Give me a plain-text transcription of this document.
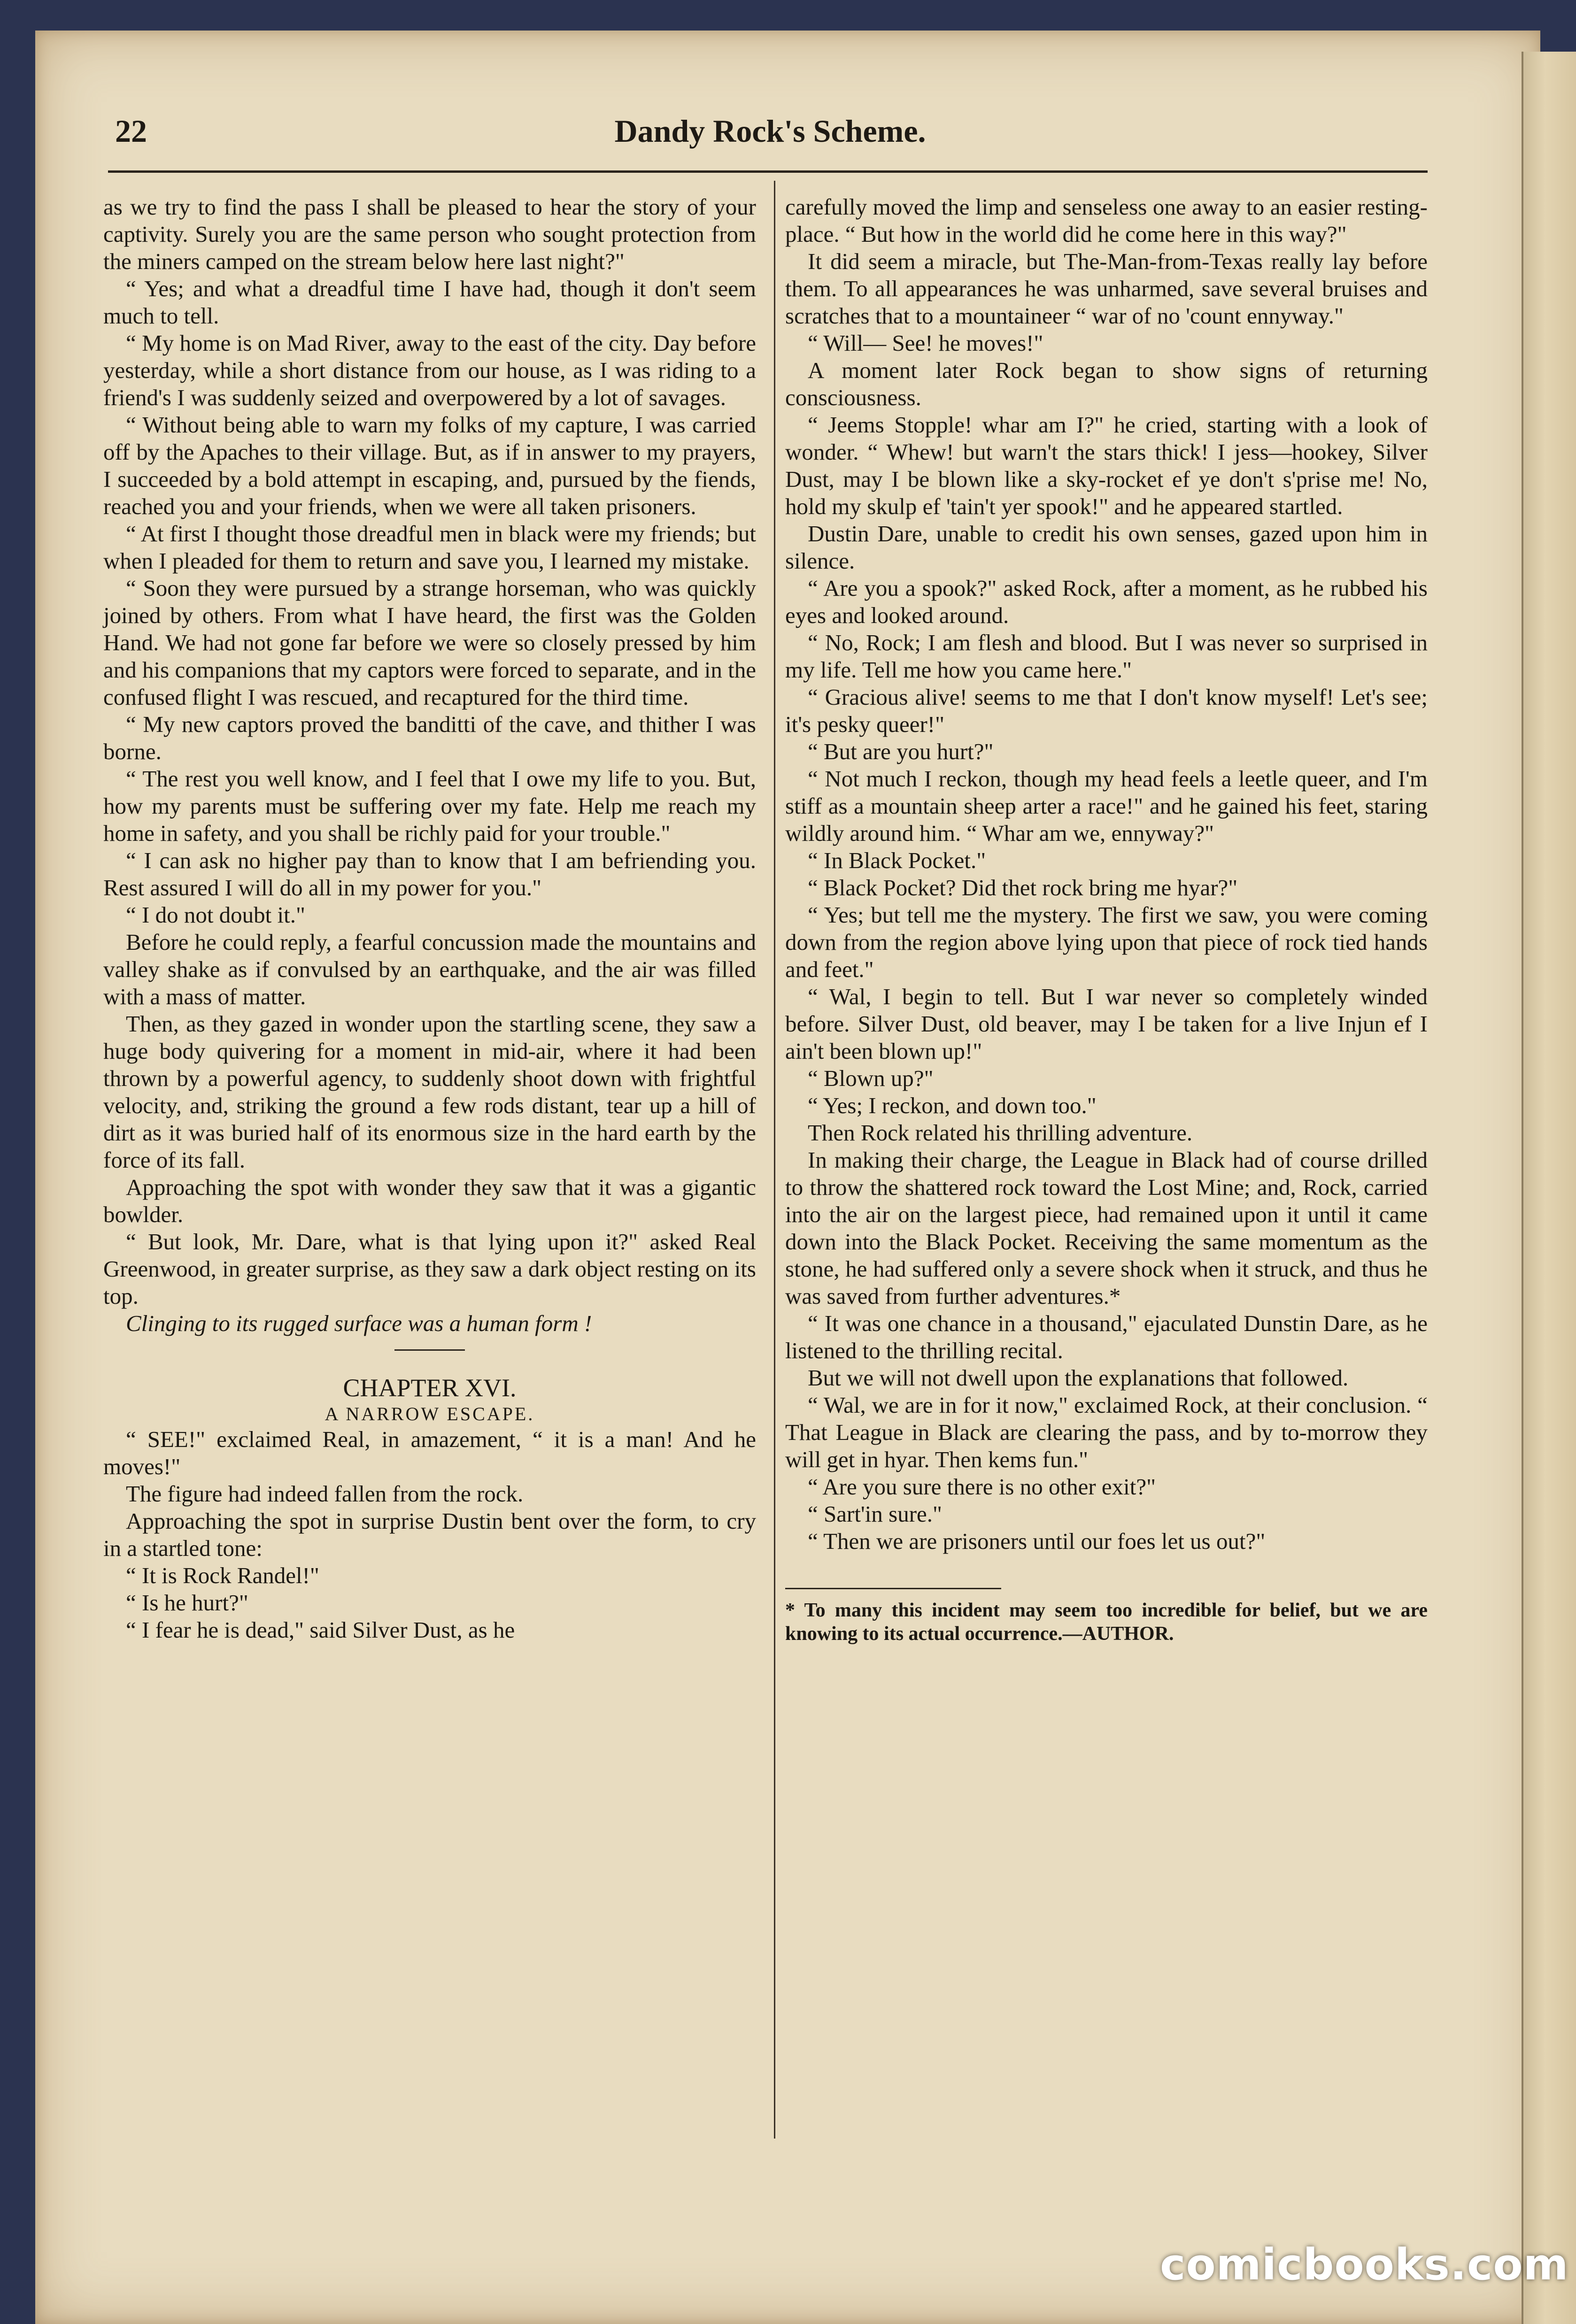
22	Dandy Rock's Scheme.

as we try to find the pass I shall be pleased to hear the story of your captivity. Surely you are the same person who sought protection from the miners camped on the stream below here last night?"

“ Yes; and what a dreadful time I have had, though it don't seem much to tell.

“ My home is on Mad River, away to the east of the city. Day before yesterday, while a short distance from our house, as I was riding to a friend's I was suddenly seized and overpowered by a lot of savages.

“ Without being able to warn my folks of my capture, I was carried off by the Apaches to their village. But, as if in answer to my prayers, I succeeded by a bold attempt in escaping, and, pursued by the fiends, reached you and your friends, when we were all taken prisoners.

“ At first I thought those dreadful men in black were my friends; but when I pleaded for them to return and save you, I learned my mistake.

“ Soon they were pursued by a strange horseman, who was quickly joined by others. From what I have heard, the first was the Golden Hand. We had not gone far before we were so closely pressed by him and his companions that my captors were forced to separate, and in the confused flight I was rescued, and recaptured for the third time.

“ My new captors proved the banditti of the cave, and thither I was borne.

“ The rest you well know, and I feel that I owe my life to you. But, how my parents must be suffering over my fate. Help me reach my home in safety, and you shall be richly paid for your trouble."

“ I can ask no higher pay than to know that I am befriending you. Rest assured I will do all in my power for you."

“ I do not doubt it."

Before he could reply, a fearful concussion made the mountains and valley shake as if convulsed by an earthquake, and the air was filled with a mass of matter.

Then, as they gazed in wonder upon the startling scene, they saw a huge body quivering for a moment in mid-air, where it had been thrown by a powerful agency, to suddenly shoot down with frightful velocity, and, striking the ground a few rods distant, tear up a hill of dirt as it was buried half of its enormous size in the hard earth by the force of its fall.

Approaching the spot with wonder they saw that it was a gigantic bowlder.

“ But look, Mr. Dare, what is that lying upon it?" asked Real Greenwood, in greater surprise, as they saw a dark object resting on its top.

Clinging to its rugged surface was a human form !

CHAPTER XVI.
A NARROW ESCAPE.

“ SEE!" exclaimed Real, in amazement, “ it is a man! And he moves!"

The figure had indeed fallen from the rock.

Approaching the spot in surprise Dustin bent over the form, to cry in a startled tone:

“ It is Rock Randel!"

“ Is he hurt?"

“ I fear he is dead," said Silver Dust, as he

carefully moved the limp and senseless one away to an easier resting-place. “ But how in the world did he come here in this way?"

It did seem a miracle, but The-Man-from-Texas really lay before them. To all appearances he was unharmed, save several bruises and scratches that to a mountaineer “ war of no 'count ennyway."

“ Will— See! he moves!"

A moment later Rock began to show signs of returning consciousness.

“ Jeems Stopple! whar am I?" he cried, starting with a look of wonder. “ Whew! but warn't the stars thick! I jess—hookey, Silver Dust, may I be blown like a sky-rocket ef ye don't s'prise me! No, hold my skulp ef 'tain't yer spook!" and he appeared startled.

Dustin Dare, unable to credit his own senses, gazed upon him in silence.

“ Are you a spook?" asked Rock, after a moment, as he rubbed his eyes and looked around.

“ No, Rock; I am flesh and blood. But I was never so surprised in my life. Tell me how you came here."

“ Gracious alive! seems to me that I don't know myself! Let's see; it's pesky queer!"

“ But are you hurt?"

“ Not much I reckon, though my head feels a leetle queer, and I'm stiff as a mountain sheep arter a race!" and he gained his feet, staring wildly around him. “ Whar am we, ennyway?"

“ In Black Pocket."

“ Black Pocket? Did thet rock bring me hyar?"

“ Yes; but tell me the mystery. The first we saw, you were coming down from the region above lying upon that piece of rock tied hands and feet."

“ Wal, I begin to tell. But I war never so completely winded before. Silver Dust, old beaver, may I be taken for a live Injun ef I ain't been blown up!"

“ Blown up?"

“ Yes; I reckon, and down too."

Then Rock related his thrilling adventure.

In making their charge, the League in Black had of course drilled to throw the shattered rock toward the Lost Mine; and, Rock, carried into the air on the largest piece, had remained upon it until it came down into the Black Pocket. Receiving the same momentum as the stone, he had suffered only a severe shock when it struck, and thus he was saved from further adventures.*

“ It was one chance in a thousand," ejaculated Dunstin Dare, as he listened to the thrilling recital.

But we will not dwell upon the explanations that followed.

“ Wal, we are in for it now," exclaimed Rock, at their conclusion. “ That League in Black are clearing the pass, and by to-morrow they will get in hyar. Then kems fun."

“ Are you sure there is no other exit?"

“ Sart'in sure."

“ Then we are prisoners until our foes let us out?"

* To many this incident may seem too incredible for belief, but we are knowing to its actual occurrence.—AUTHOR.
comicbooks.com
